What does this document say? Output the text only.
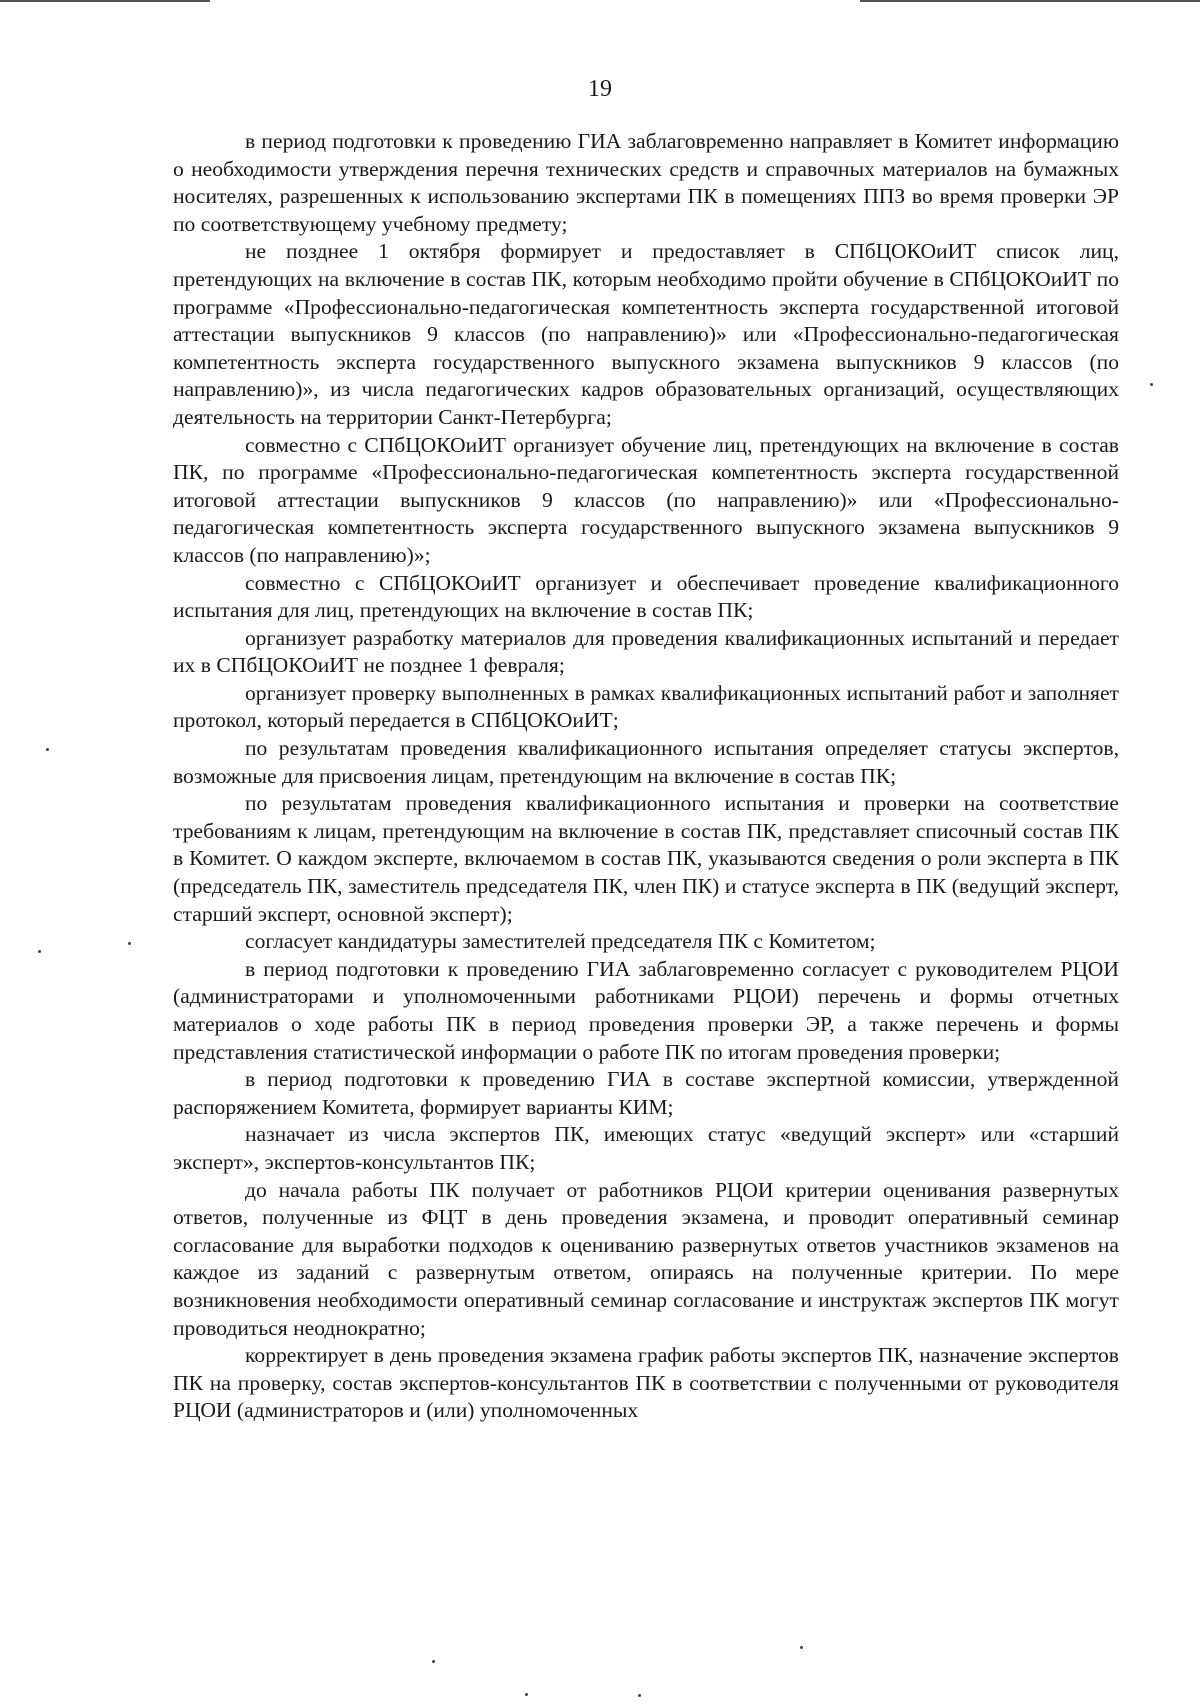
19

в период подготовки к проведению ГИА заблаговременно направляет в Комитет информацию о необходимости утверждения перечня технических средств и справочных материалов на бумажных носителях, разрешенных к использованию экспертами ПК в помещениях ППЗ во время проверки ЭР по соответствующему учебному предмету;

не позднее 1 октября формирует и предоставляет в СПбЦОКОиИТ список лиц, претендующих на включение в состав ПК, которым необходимо пройти обучение в СПбЦОКОиИТ по программе «Профессионально-педагогическая компетентность эксперта государственной итоговой аттестации выпускников 9 классов (по направлению)» или «Профессионально-педагогическая компетентность эксперта государственного выпускного экзамена выпускников 9 классов (по направлению)», из числа педагогических кадров образовательных организаций, осуществляющих деятельность на территории Санкт-Петербурга;

совместно с СПбЦОКОиИТ организует обучение лиц, претендующих на включение в состав ПК, по программе «Профессионально-педагогическая компетентность эксперта государственной итоговой аттестации выпускников 9 классов (по направлению)» или «Профессионально-педагогическая компетентность эксперта государственного выпускного экзамена выпускников 9 классов (по направлению)»;

совместно с СПбЦОКОиИТ организует и обеспечивает проведение квалификационного испытания для лиц, претендующих на включение в состав ПК;

организует разработку материалов для проведения квалификационных испытаний и передает их в СПбЦОКОиИТ не позднее 1 февраля;

организует проверку выполненных в рамках квалификационных испытаний работ и заполняет протокол, который передается в СПбЦОКОиИТ;

по результатам проведения квалификационного испытания определяет статусы экспертов, возможные для присвоения лицам, претендующим на включение в состав ПК;

по результатам проведения квалификационного испытания и проверки на соответствие требованиям к лицам, претендующим на включение в состав ПК, представляет списочный состав ПК в Комитет. О каждом эксперте, включаемом в состав ПК, указываются сведения о роли эксперта в ПК (председатель ПК, заместитель председателя ПК, член ПК) и статусе эксперта в ПК (ведущий эксперт, старший эксперт, основной эксперт);

согласует кандидатуры заместителей председателя ПК с Комитетом;

в период подготовки к проведению ГИА заблаговременно согласует с руководителем РЦОИ (администраторами и уполномоченными работниками РЦОИ) перечень и формы отчетных материалов о ходе работы ПК в период проведения проверки ЭР, а также перечень и формы представления статистической информации о работе ПК по итогам проведения проверки;

в период подготовки к проведению ГИА в составе экспертной комиссии, утвержденной распоряжением Комитета, формирует варианты КИМ;

назначает из числа экспертов ПК, имеющих статус «ведущий эксперт» или «старший эксперт», экспертов-консультантов ПК;

до начала работы ПК получает от работников РЦОИ критерии оценивания развернутых ответов, полученные из ФЦТ в день проведения экзамена, и проводит оперативный семинар согласование для выработки подходов к оцениванию развернутых ответов участников экзаменов на каждое из заданий с развернутым ответом, опираясь на полученные критерии. По мере возникновения необходимости оперативный семинар согласование и инструктаж экспертов ПК могут проводиться неоднократно;

корректирует в день проведения экзамена график работы экспертов ПК, назначение экспертов ПК на проверку, состав экспертов-консультантов ПК в соответствии с полученными от руководителя РЦОИ (администраторов и (или) уполномоченных
